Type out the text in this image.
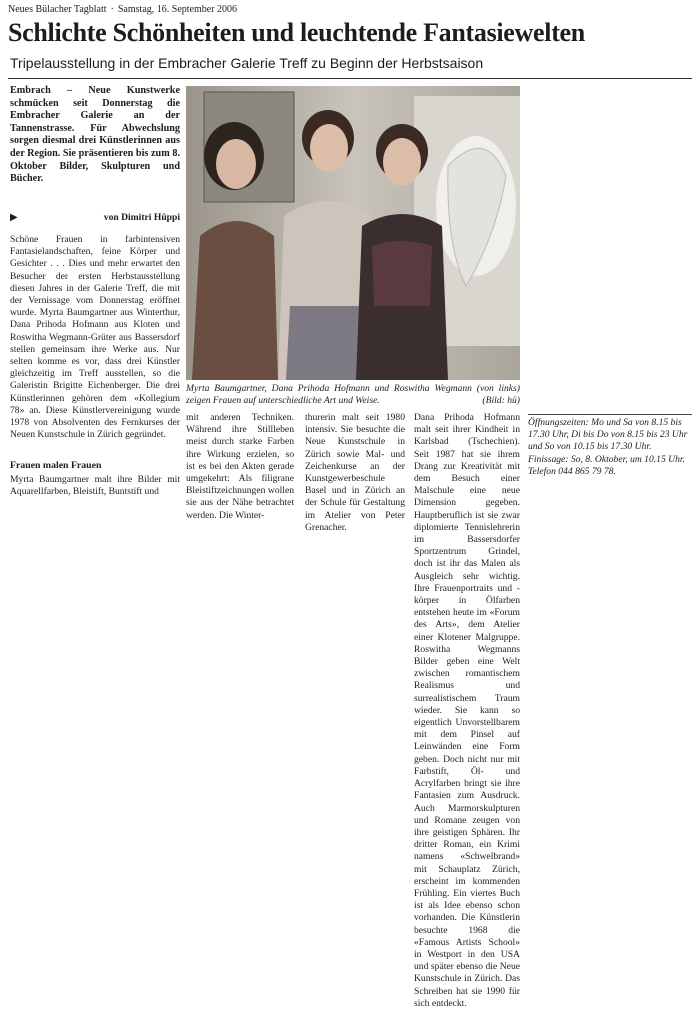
Neues Bülacher Tagblatt · Samstag, 16. September 2006
Schlichte Schönheiten und leuchtende Fantasiewelten
Tripelausstellung in der Embracher Galerie Treff zu Beginn der Herbstsaison
Embrach – Neue Kunstwerke schmücken seit Donnerstag die Embracher Galerie an der Tannenstrasse. Für Abwechslung sorgen diesmal drei Künstlerinnen aus der Region. Sie präsentieren bis zum 8. Oktober Bilder, Skulpturen und Bücher.
▶	von Dimitri Hüppi
Schöne Frauen in farbintensiven Fantasielandschaften, feine Körper und Gesichter . . . Dies und mehr erwartet den Besucher der ersten Herbstausstellung diesen Jahres in der Galerie Treff, die mit der Vernissage vom Donnerstag eröffnet wurde. Myrta Baumgartner aus Winterthur, Dana Prihoda Hofmann aus Kloten und Roswitha Wegmann-Grüter aus Bassersdorf stellen gemeinsam ihre Werke aus. Nur selten komme es vor, dass drei Künstler gleichzeitig im Treff ausstellen, so die Galeristin Brigitte Eichenberger. Die drei Künstlerinnen gehören dem «Kollegium 78» an. Diese Künstlervereinigung wurde 1978 von Absolventen des Fernkurses der Neuen Kunstschule in Zürich gegründet.
Frauen malen Frauen
Myrta Baumgartner malt ihre Bilder mit Aquarellfarben, Bleistift, Buntstift und
Myrta Baumgartner, Dana Prihoda Hofmann und Roswitha Wegmann (von links) zeigen Frauen auf unterschiedliche Art und Weise.	(Bild: hü)
mit anderen Techniken. Während ihre Stillleben meist durch starke Farben ihre Wirkung erzielen, so ist es bei den Akten gerade umgekehrt: Als filigrane Bleistiftzeichnungen wollen sie aus der Nähe betrachtet werden. Die Winter-
thurerin malt seit 1980 intensiv. Sie besuchte die Neue Kunstschule in Zürich sowie Mal- und Zeichenkurse an der Kunstgewerbeschule Basel und in Zürich an der Schule für Gestaltung im Atelier von Peter Grenacher.
Dana Prihoda Hofmann malt seit ihrer Kindheit in Karlsbad (Tschechien). Seit 1987 hat sie ihrem Drang zur Kreativität mit dem Besuch einer Malschule eine neue Dimension gegeben. Hauptberuflich ist sie zwar diplomierte Tennislehrerin im Bassersdorfer Sportzentrum Grindel, doch ist ihr das Malen als Ausgleich sehr wichtig. Ihre Frauenportraits und -körper in Ölfarben entstehen heute im «Forum des Arts», dem Atelier einer Klotener Malgruppe. Roswitha Wegmanns Bilder geben eine Welt zwischen romantischem Realismus und surrealistischem Traum wieder. Sie kann so eigentlich Unvorstellbarem mit dem Pinsel auf Leinwänden eine Form geben. Doch nicht nur mit Farbstift, Öl- und Acrylfarben bringt sie ihre Fantasien zum Ausdruck. Auch Marmorskulpturen und Romane zeugen von ihre geistigen Sphären. Ihr dritter Roman, ein Krimi namens «Schwelbrand» mit Schauplatz Zürich, erscheint im kommenden Frühling. Ein viertes Buch ist als Idee ebenso schon vorhanden. Die Künstlerin besuchte 1968 die «Famous Artists School» in Westport in den USA und später ebenso die Neue Kunstschule in Zürich. Das Schreiben hat sie 1990 für sich entdeckt.
Öffnungszeiten: Mo und Sa von 8.15 bis 17.30 Uhr, Di bis Do von 8.15 bis 23 Uhr und So von 10.15 bis 17.30 Uhr. Finissage: So, 8. Oktober, um 10.15 Uhr. Telefon 044 865 79 78.
